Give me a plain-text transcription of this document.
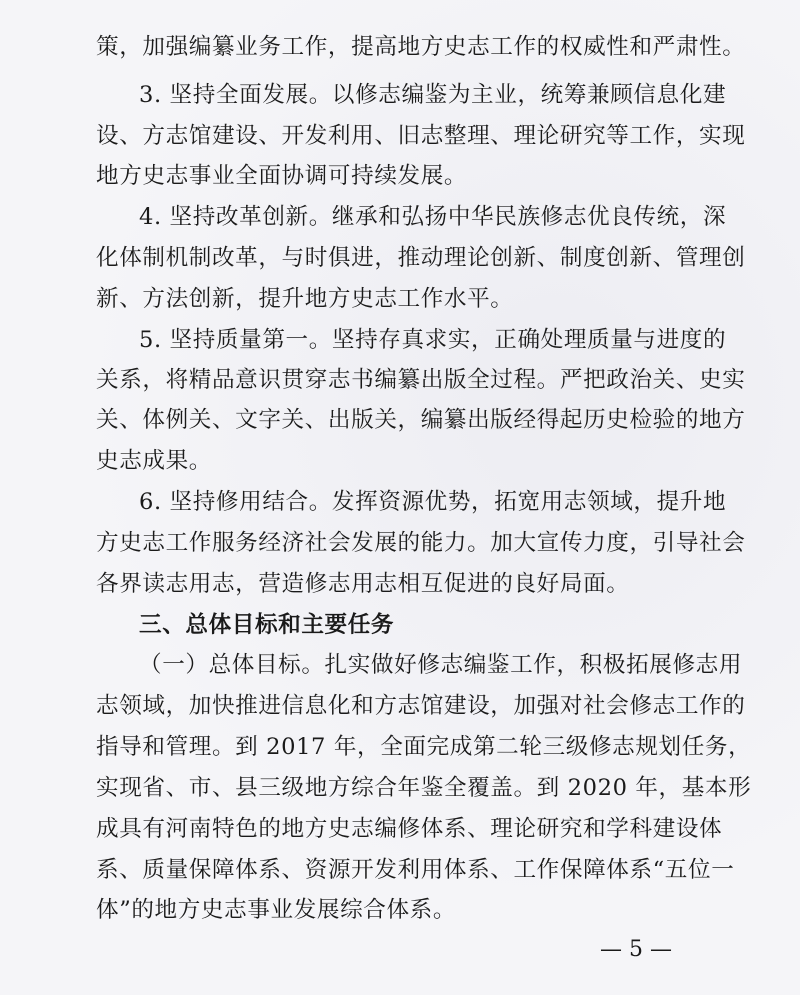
策，加强编纂业务工作，提高地方史志工作的权威性和严肃性。
3. 坚持全面发展。以修志编鉴为主业，统筹兼顾信息化建
设、方志馆建设、开发利用、旧志整理、理论研究等工作，实现
地方史志事业全面协调可持续发展。
4. 坚持改革创新。继承和弘扬中华民族修志优良传统，深
化体制机制改革，与时俱进，推动理论创新、制度创新、管理创
新、方法创新，提升地方史志工作水平。
5. 坚持质量第一。坚持存真求实，正确处理质量与进度的
关系，将精品意识贯穿志书编纂出版全过程。严把政治关、史实
关、体例关、文字关、出版关，编纂出版经得起历史检验的地方
史志成果。
6. 坚持修用结合。发挥资源优势，拓宽用志领域，提升地
方史志工作服务经济社会发展的能力。加大宣传力度，引导社会
各界读志用志，营造修志用志相互促进的良好局面。
三、总体目标和主要任务
（一）总体目标。扎实做好修志编鉴工作，积极拓展修志用
志领域，加快推进信息化和方志馆建设，加强对社会修志工作的
指导和管理。到 2017 年，全面完成第二轮三级修志规划任务，
实现省、市、县三级地方综合年鉴全覆盖。到 2020 年，基本形
成具有河南特色的地方史志编修体系、理论研究和学科建设体
系、质量保障体系、资源开发利用体系、工作保障体系“五位一
体”的地方史志事业发展综合体系。
— 5 —
